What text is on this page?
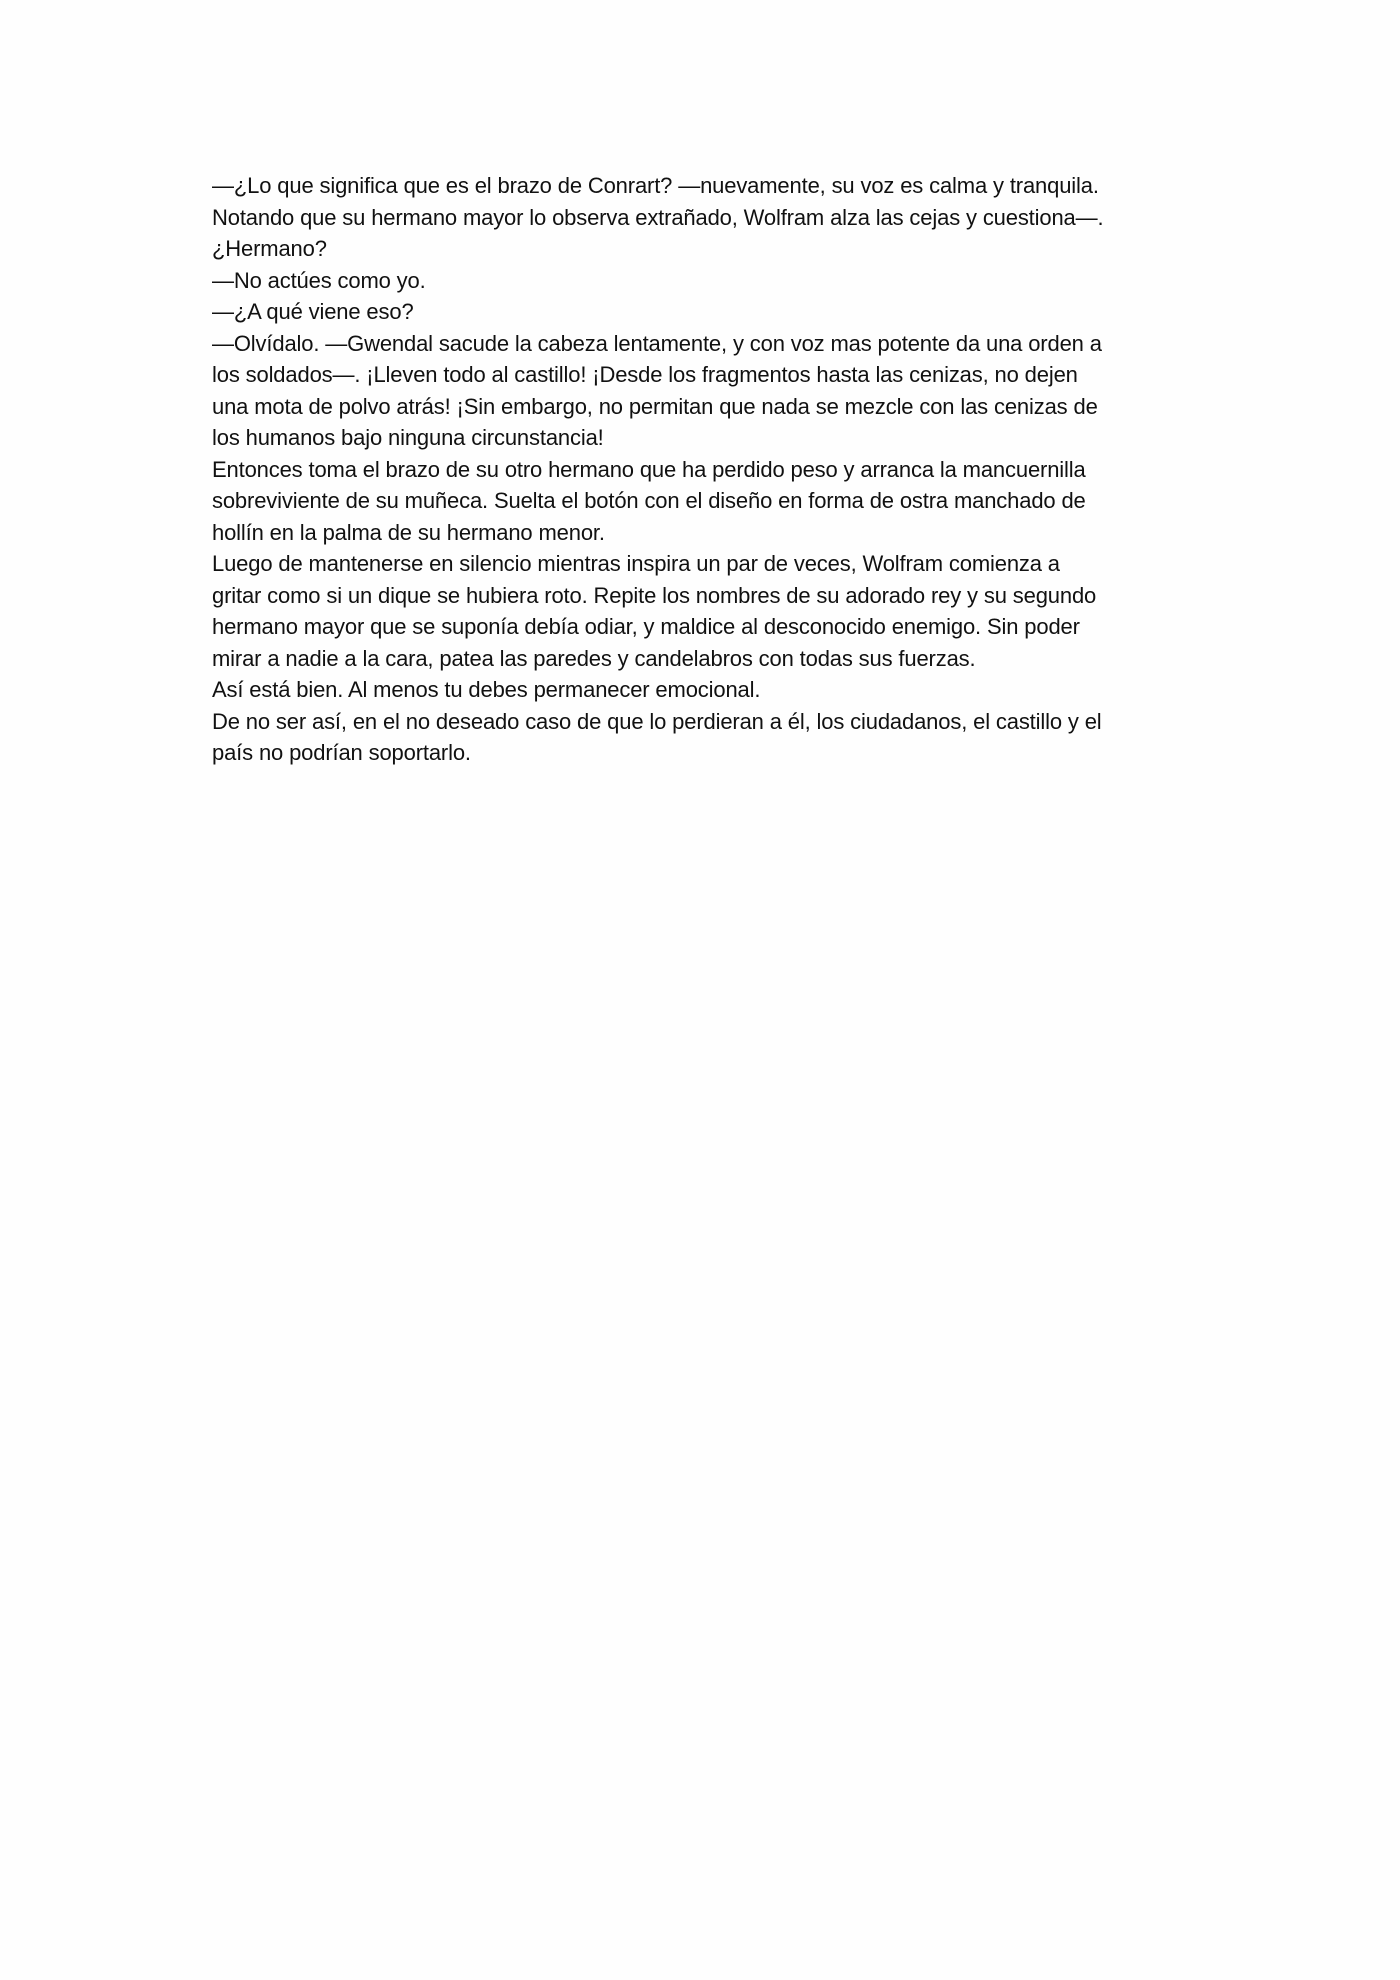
—¿Lo que significa que es el brazo de Conrart? —nuevamente, su voz es calma y tranquila.

Notando que su hermano mayor lo observa extrañado, Wolfram alza las cejas y cuestiona—.

¿Hermano?

—No actúes como yo.

—¿A qué viene eso?

—Olvídalo. —Gwendal sacude la cabeza lentamente, y con voz mas potente da una orden a

los soldados—. ¡Lleven todo al castillo! ¡Desde los fragmentos hasta las cenizas, no dejen

una mota de polvo atrás! ¡Sin embargo, no permitan que nada se mezcle con las cenizas de

los humanos bajo ninguna circunstancia!

Entonces toma el brazo de su otro hermano que ha perdido peso y arranca la mancuernilla

sobreviviente de su muñeca. Suelta el botón con el diseño en forma de ostra manchado de

hollín en la palma de su hermano menor.

Luego de mantenerse en silencio mientras inspira un par de veces, Wolfram comienza a

gritar como si un dique se hubiera roto. Repite los nombres de su adorado rey y su segundo

hermano mayor que se suponía debía odiar, y maldice al desconocido enemigo. Sin poder

mirar a nadie a la cara, patea las paredes y candelabros con todas sus fuerzas.

Así está bien. Al menos tu debes permanecer emocional.

De no ser así, en el no deseado caso de que lo perdieran a él, los ciudadanos, el castillo y el

país no podrían soportarlo.
